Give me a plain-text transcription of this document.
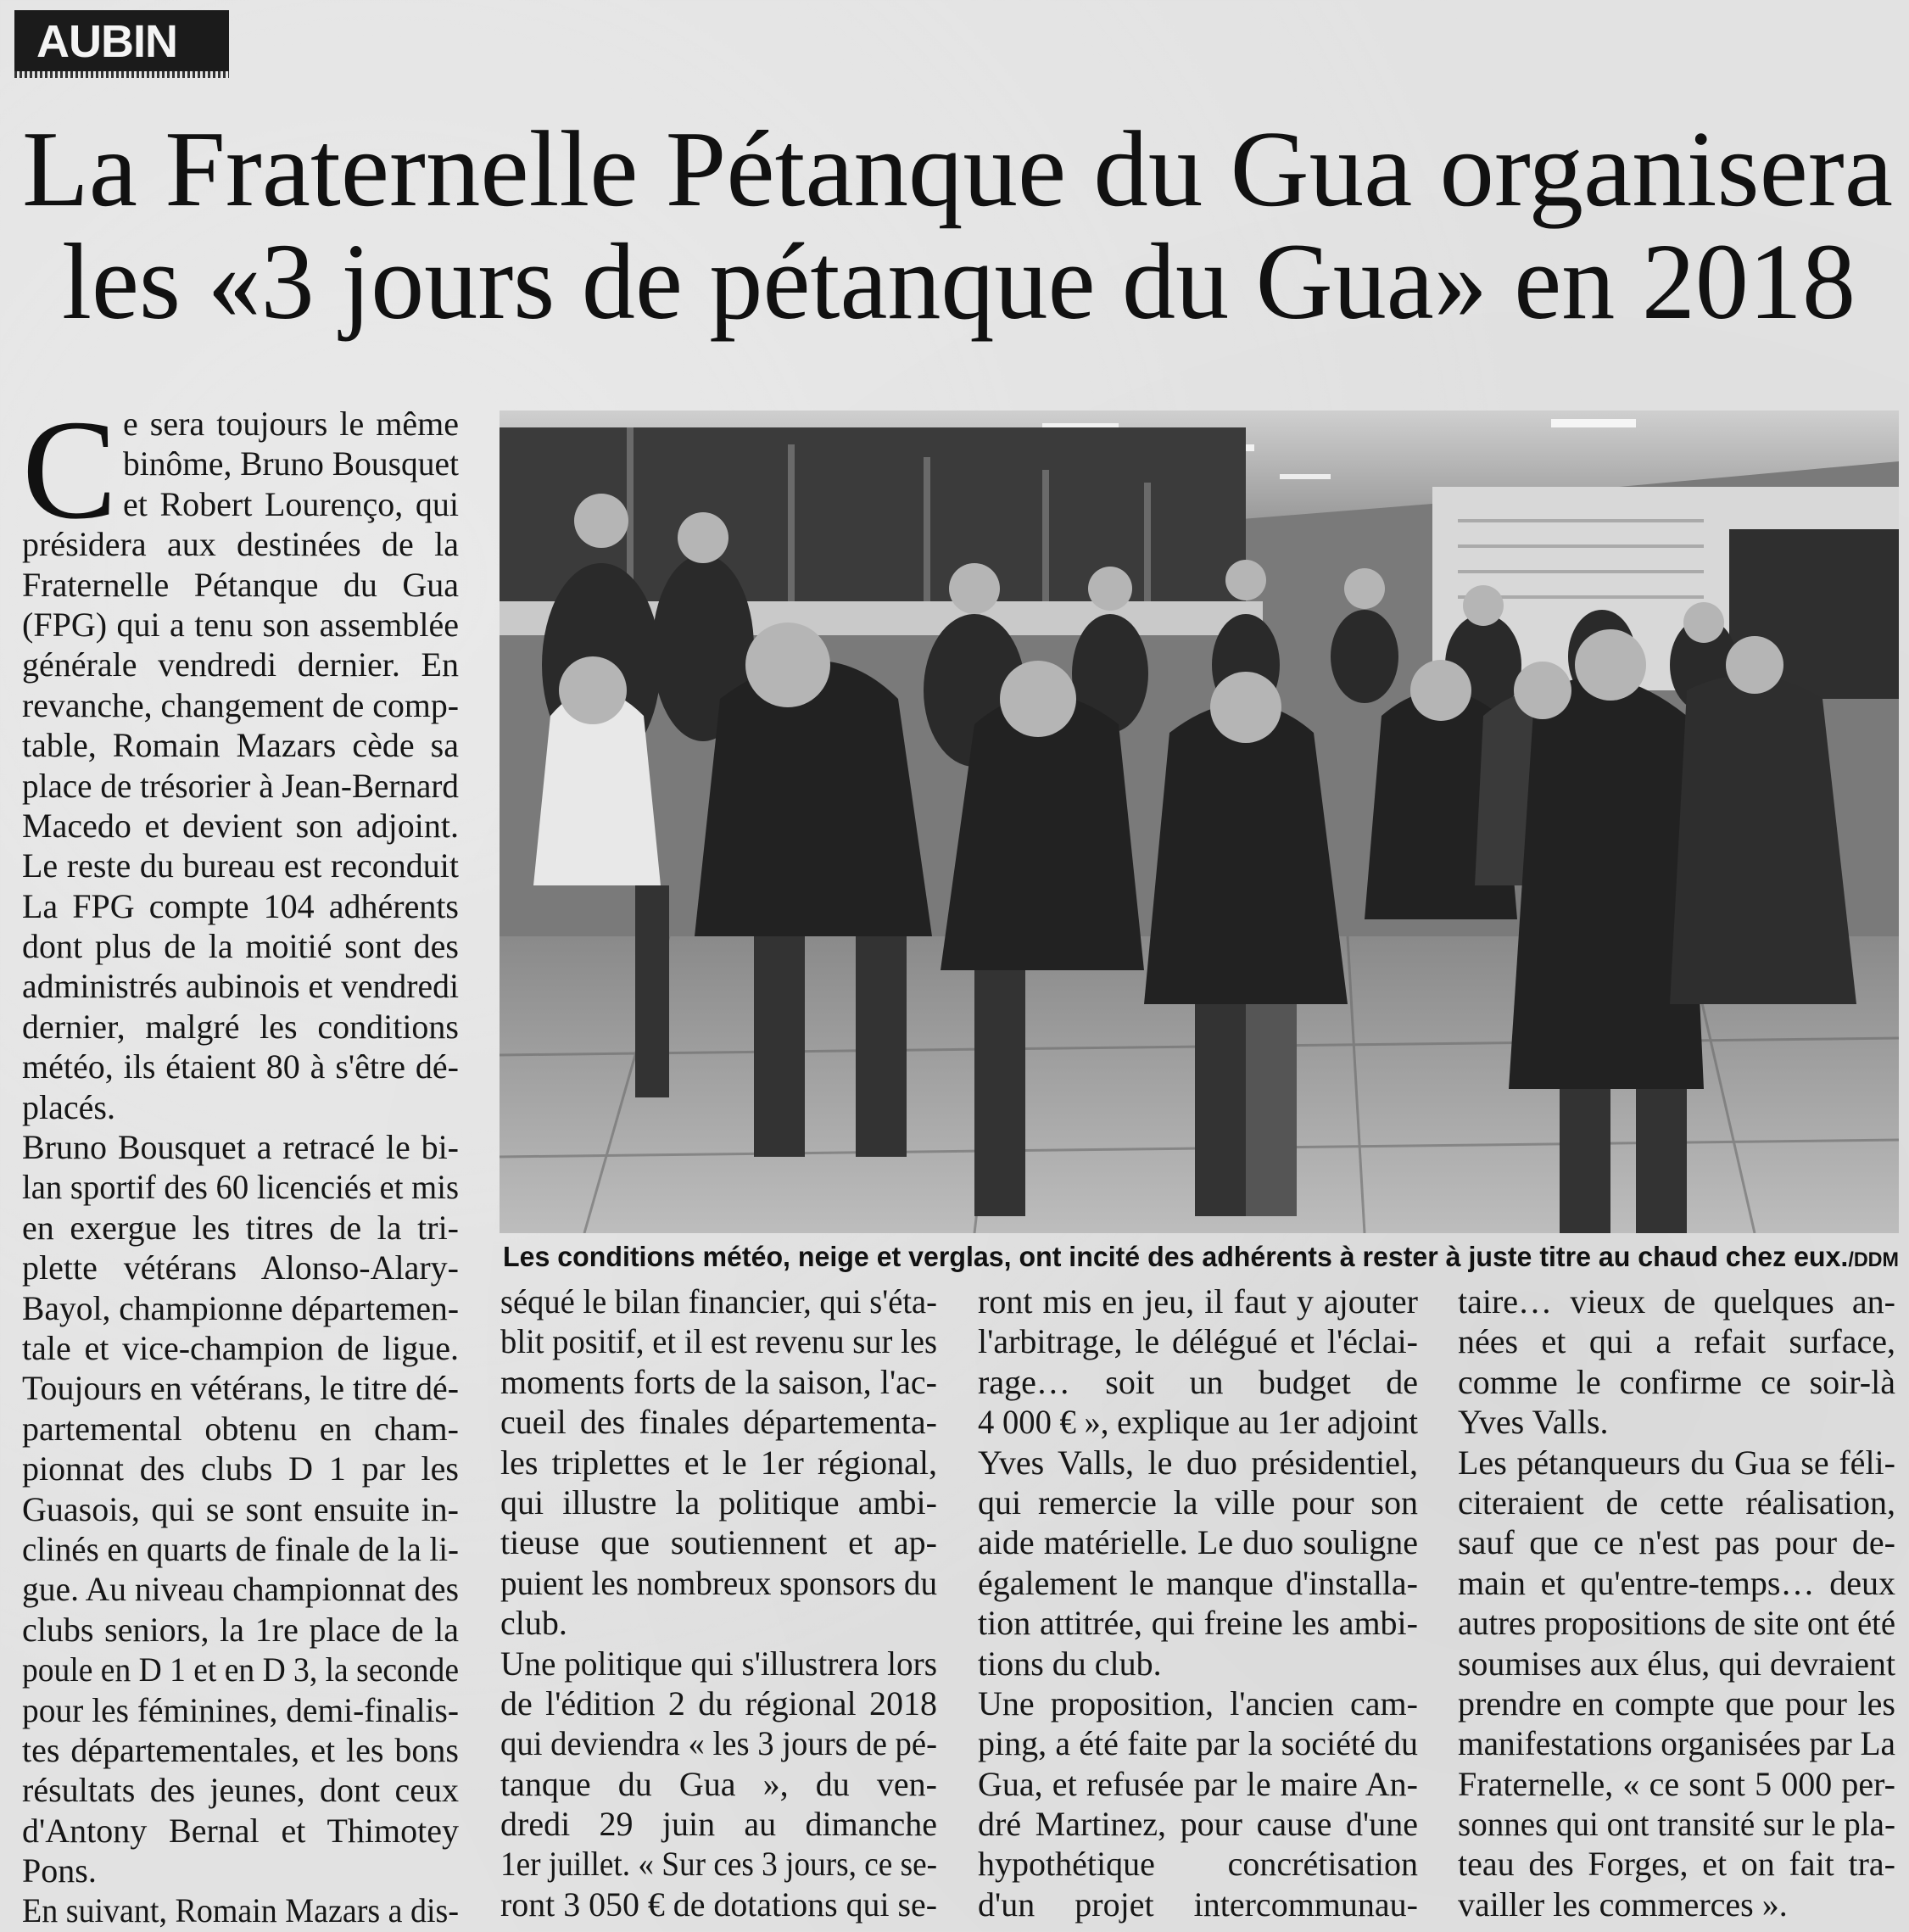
AUBIN
La Fraternelle Pétanque du Gua organisera
les «3 jours de pétanque du Gua» en 2018
C e sera toujours le même
binôme, Bruno Bousquet
et Robert Lourenço, qui
présidera aux destinées de la
Fraternelle Pétanque du Gua
(FPG) qui a tenu son assemblée
générale vendredi dernier. En
revanche, changement de comp-
table, Romain Mazars cède sa
place de trésorier à Jean-Bernard
Macedo et devient son adjoint.
Le reste du bureau est reconduit
La FPG compte 104 adhérents
dont plus de la moitié sont des
administrés aubinois et vendredi
dernier, malgré les conditions
météo, ils étaient 80 à s'être dé-
placés.
Bruno Bousquet a retracé le bi-
lan sportif des 60 licenciés et mis
en exergue les titres de la tri-
plette vétérans Alonso-Alary-
Bayol, championne départemen-
tale et vice-champion de ligue.
Toujours en vétérans, le titre dé-
partemental obtenu en cham-
pionnat des clubs D 1 par les
Guasois, qui se sont ensuite in-
clinés en quarts de finale de la li-
gue. Au niveau championnat des
clubs seniors, la 1re place de la
poule en D 1 et en D 3, la seconde
pour les féminines, demi-finalis-
tes départementales, et les bons
résultats des jeunes, dont ceux
d'Antony Bernal et Thimotey
Pons.
En suivant, Romain Mazars a dis-
séqué le bilan financier, qui s'éta-
blit positif, et il est revenu sur les
moments forts de la saison, l'ac-
cueil des finales départementa-
les triplettes et le 1er régional,
qui illustre la politique ambi-
tieuse que soutiennent et ap-
puient les nombreux sponsors du
club.
Une politique qui s'illustrera lors
de l'édition 2 du régional 2018
qui deviendra « les 3 jours de pé-
tanque du Gua », du ven-
dredi 29 juin au dimanche
1er juillet. « Sur ces 3 jours, ce se-
ront 3 050 € de dotations qui se-
ront mis en jeu, il faut y ajouter
l'arbitrage, le délégué et l'éclai-
rage… soit un budget de
4 000 € », explique au 1er adjoint
Yves Valls, le duo présidentiel,
qui remercie la ville pour son
aide matérielle. Le duo souligne
également le manque d'installa-
tion attitrée, qui freine les ambi-
tions du club.
Une proposition, l'ancien cam-
ping, a été faite par la société du
Gua, et refusée par le maire An-
dré Martinez, pour cause d'une
hypothétique concrétisation
d'un projet intercommunau-
taire… vieux de quelques an-
nées et qui a refait surface,
comme le confirme ce soir-là
Yves Valls.
Les pétanqueurs du Gua se féli-
citeraient de cette réalisation,
sauf que ce n'est pas pour de-
main et qu'entre-temps… deux
autres propositions de site ont été
soumises aux élus, qui devraient
prendre en compte que pour les
manifestations organisées par La
Fraternelle, « ce sont 5 000 per-
sonnes qui ont transité sur le pla-
teau des Forges, et on fait tra-
vailler les commerces ».
Les conditions météo, neige et verglas, ont incité des adhérents à rester à juste titre au chaud chez eux./DDM
